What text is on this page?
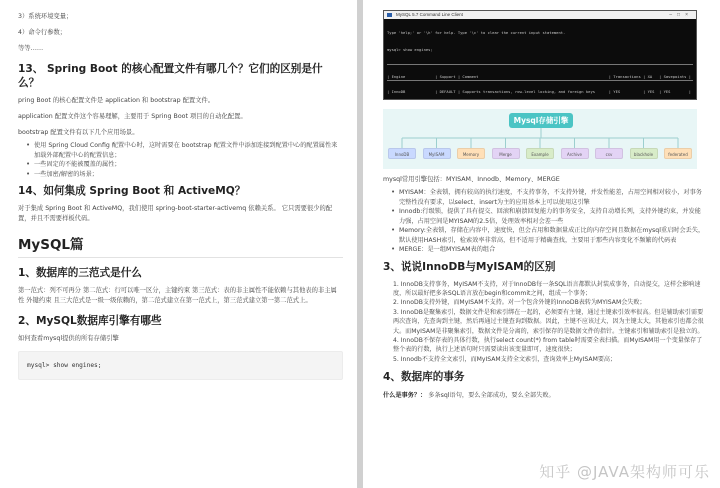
3）系统环境变量；

4）命令行参数；

等等……

13、 Spring Boot 的核心配置文件有哪几个？它们的区别是什么？

pring Boot 的核心配置文件是 application 和 bootstrap 配置文件。

application 配置文件这个容易理解，主要用于 Spring Boot 项目的自动化配置。

bootstrap 配置文件有以下几个应用场景。

• 使用 Spring Cloud Config 配置中心时，这时需要在 bootstrap 配置文件中添加连接到配置中心的配置属性来加载外部配置中心的配置信息；
• 一些固定的不能被覆盖的属性；
• 一些加密/解密的场景；
14、如何集成 Spring Boot 和 ActiveMQ？

对于集成 Spring Boot 和 ActiveMQ，我们使用 spring-boot-starter-activemq 依赖关系。 它只需要很少的配置，并且不需要样板代码。

MySQL篇
1、数据库的三范式是什么

第一范式：列不可再分 第二范式：行可以唯一区分，主键约束 第三范式：表的非主属性不能依赖与其他表的非主属性 外键约束 且三大范式是一级一级依赖的，第二范式建立在第一范式上，第三范式建立第一第二范式上。

2、MySQL数据库引擎有哪些

如何查看mysql提供的所有存储引擎

mysql> show engines;
MySQL 5.7 Command Line Client	–□×

Type 'help;' or '\h' for help. Type '\c' to clear the current input statement.

mysql> show engines;

| Engine             | Support | Comment                                                         | Transactions | XA   | Savepoints |

| InnoDB             | DEFAULT | Supports transactions, row-level locking, and foreign keys      | YES          | YES  | YES        |

Mysql存储引擎
InnoDB	MyISAM	Memory	Merge	Example	Archive	csv	blackhole	federated

mysql常用引擎包括：MYISAM、Innodb、Memory、MERGE

• MYISAM：全表锁，拥有较高的执行速度，不支持事务，不支持外键，并发性能差，占用空间相对较小，对事务完整性没有要求，以select、insert为主的应用基本上可以使用这引擎
• Innodb:行级锁，提供了具有提交、回滚和崩溃回复能力的事务安全，支持自动增长列，支持外键约束，并发能力强，占用空间是MYISAM的2.5倍，处理效率相对会差一些
• Memory:全表锁，存储在内容中，速度快，但会占用和数据量成正比的内存空间且数据在mysql重启时会丢失，默认使用HASH索引，检索效率非常高，但不适用于精确查找，主要用于那些内容变化不频繁的代码表
• MERGE：是一组MYISAM表的组合
3、说说InnoDB与MyISAM的区别
1. InnoDB支持事务，MyISAM不支持，对于InnoDB每一条SQL语言都默认封装成事务，自动提交，这样会影响速度，所以最好把多条SQL语言放在begin和commit之间，组成一个事务；
2. InnoDB支持外键，而MyISAM不支持。对一个包含外键的InnoDB表转为MYISAM会失败；
3. InnoDB是聚集索引，数据文件是和索引绑在一起的，必须要有主键，通过主键索引效率很高。但是辅助索引需要两次查询，先查询到主键，然后再通过主键查询到数据。因此，主键不应该过大，因为主键太大，其他索引也都会很大。而MyISAM是非聚集索引，数据文件是分离的，索引保存的是数据文件的指针。主键索引和辅助索引是独立的。
4. InnoDB不保存表的具体行数，执行select count(*) from table时需要全表扫描。而MyISAM用一个变量保存了整个表的行数，执行上述语句时只需要读出该变量即可，速度很快；
5. Innodb不支持全文索引，而MyISAM支持全文索引，查询效率上MyISAM要高；
4、数据库的事务

什么是事务？： 多条sql语句，要么全部成功，要么全部失败。

知乎 @JAVA架构师可乐
